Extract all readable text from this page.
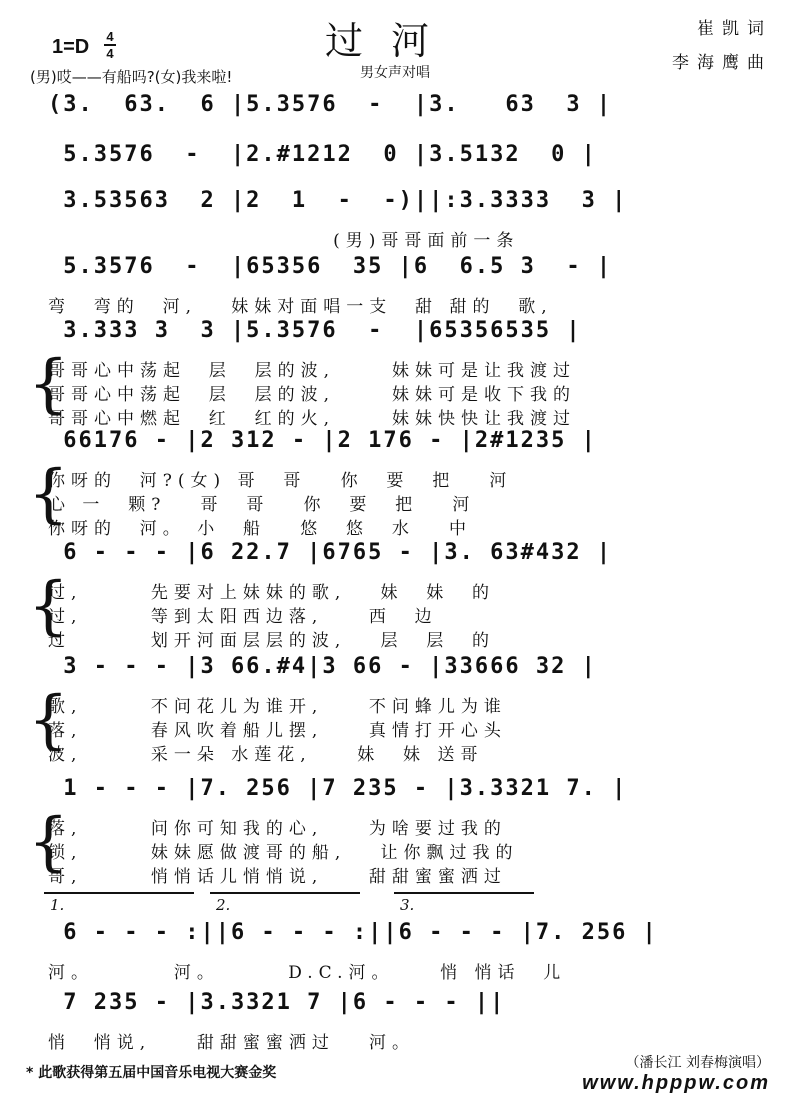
过河
1=D 4
4
崔凯词
李海鹰曲
(男)哎——有船吗?(女)我来啦!	男女声对唱
(3.  63.  6 |5.3576  -  |3.   63  3 |
5.3576  -  |2.#1212  0 |3.5132  0 |
3.53563  2 |2  1  -  -)||:3.3333  3 |
(男)哥哥面前一条
5.3576  -  |65356  35 |6  6.5 3  - |
弯  弯的  河,   妹妹对面唱一支  甜 甜的  歌,
3.333 3  3 |5.3576  -  |65356535 |
哥哥心中荡起  层  层的波,     妹妹可是让我渡过
哥哥心中荡起  层  层的波,     妹妹可是收下我的
哥哥心中燃起  红  红的火,     妹妹快快让我渡过
{
66176 - |2 312 - |2 176 - |2#1235 |
你呀的  河?(女) 哥  哥   你  要  把   河
心 一  颗?   哥  哥   你  要  把   河
你呀的  河。 小  船   悠  悠  水   中
{
6 - - - |6 22.7 |6765 - |3. 63#432 |
过,      先要对上妹妹的歌,   妹  妹  的
过,      等到太阳西边落,    西  边
过       划开河面层层的波,   层  层  的
{
3 - - - |3 66.#4|3 66 - |33666 32 |
歌,      不问花儿为谁开,    不问蜂儿为谁
落,      春风吹着船儿摆,    真情打开心头
波,      采一朵 水莲花,    妹  妹 送哥
{
1 - - - |7. 256 |7 235 - |3.3321 7. |
落,      问你可知我的心,    为啥要过我的
锁,      妹妹愿做渡哥的船,   让你飘过我的
哥,      悄悄话儿悄悄说,    甜甜蜜蜜洒过
{
6 - - - :||6 - - - :||6 - - - |7. 256 |
河。       河。      D.C.河。    悄 悄话  儿
7 235 - |3.3321 7 |6 - - - ||
悄  悄说,    甜甜蜜蜜洒过   河。
1.	2.	3.
* 此歌获得第五届中国音乐电视大赛金奖
（潘长江 刘春梅演唱）
www.hpppw.com
